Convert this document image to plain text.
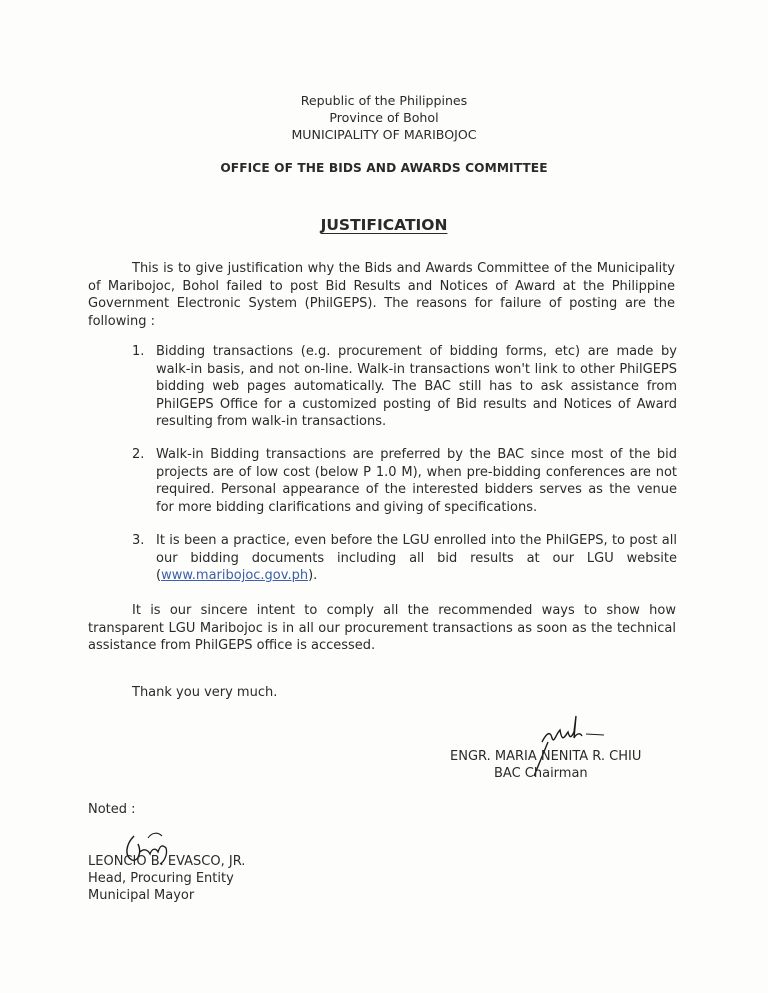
Republic of the Philippines
Province of Bohol
MUNICIPALITY OF MARIBOJOC
OFFICE OF THE BIDS AND AWARDS COMMITTEE
JUSTIFICATION
This is to give justification why the Bids and Awards Committee of the Municipality of Maribojoc, Bohol failed to post Bid Results and Notices of Award at the Philippine Government Electronic System (PhilGEPS). The reasons for failure of posting are the following :
1. Bidding transactions (e.g. procurement of bidding forms, etc) are made by walk-in basis, and not on-line. Walk-in transactions won't link to other PhilGEPS bidding web pages automatically. The BAC still has to ask assistance from PhilGEPS Office for a customized posting of Bid results and Notices of Award resulting from walk-in transactions.
2. Walk-in Bidding transactions are preferred by the BAC since most of the bid projects are of low cost (below P 1.0 M), when pre-bidding conferences are not required. Personal appearance of the interested bidders serves as the venue for more bidding clarifications and giving of specifications.
3. It is been a practice, even before the LGU enrolled into the PhilGEPS, to post all our bidding documents including all bid results at our LGU website (www.maribojoc.gov.ph).
It is our sincere intent to comply all the recommended ways to show how transparent LGU Maribojoc is in all our procurement transactions as soon as the technical assistance from PhilGEPS office is accessed.
Thank you very much.
ENGR. MARIA NENITA R. CHIU
BAC Chairman
Noted :
LEONCIO B. EVASCO, JR.
Head, Procuring Entity
Municipal Mayor
